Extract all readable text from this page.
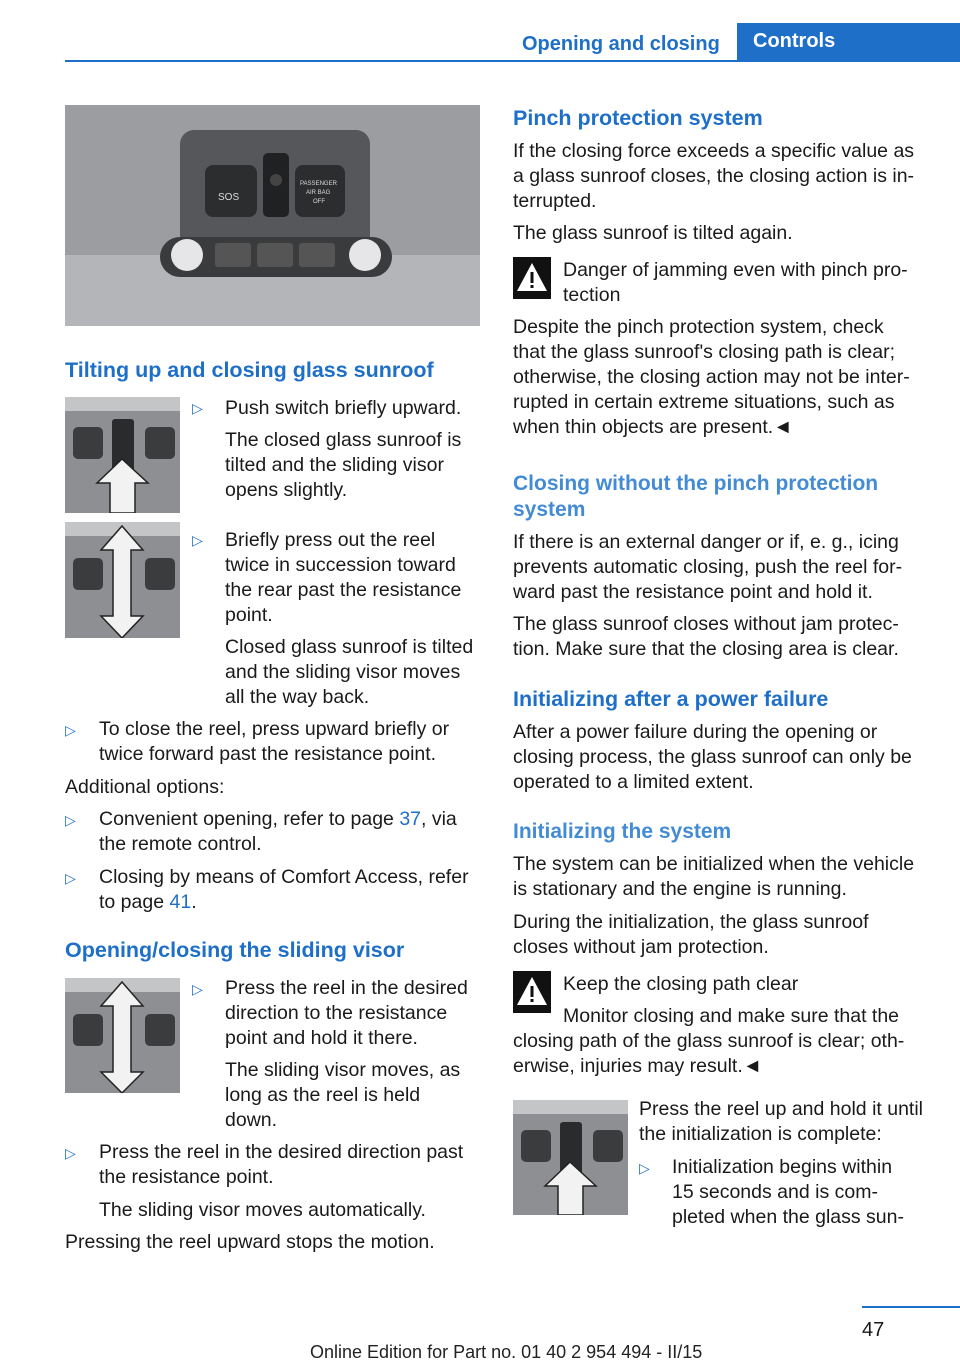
Opening and closing	Controls
SOS
PASSENGER
AIR BAG
OFF
Tilting up and closing glass sunroof
▷ Push switch briefly upward.

The closed glass sunroof is
tilted and the sliding visor
opens slightly.

▷ Briefly press out the reel
twice in succession toward
the rear past the resistance
point.

Closed glass sunroof is tilted
and the sliding visor moves
all the way back.

▷ To close the reel, press upward briefly or
twice forward past the resistance point.

Additional options:

▷ Convenient opening, refer to page 37, via
the remote control.

▷ Closing by means of Comfort Access, refer
to page 41.

Opening/closing the sliding visor
▷ Press the reel in the desired
direction to the resistance
point and hold it there.

The sliding visor moves, as
long as the reel is held
down.

▷ Press the reel in the desired direction past
the resistance point.

The sliding visor moves automatically.

Pressing the reel upward stops the motion.

Pinch protection system

If the closing force exceeds a specific value as
a glass sunroof closes, the closing action is in-
terrupted.

The glass sunroof is tilted again.

Danger of jamming even with pinch pro-
tection

Despite the pinch protection system, check
that the glass sunroof's closing path is clear;
otherwise, the closing action may not be inter-
rupted in certain extreme situations, such as
when thin objects are present.◄

Closing without the pinch protection
system

If there is an external danger or if, e. g., icing
prevents automatic closing, push the reel for-
ward past the resistance point and hold it.

The glass sunroof closes without jam protec-
tion. Make sure that the closing area is clear.

Initializing after a power failure

After a power failure during the opening or
closing process, the glass sunroof can only be
operated to a limited extent.

Initializing the system

The system can be initialized when the vehicle
is stationary and the engine is running.

During the initialization, the glass sunroof
closes without jam protection.

Keep the closing path clear

Monitor closing and make sure that the

closing path of the glass sunroof is clear; oth-
erwise, injuries may result.◄

Press the reel up and hold it until
the initialization is complete:

▷ Initialization begins within
15 seconds and is com-
pleted when the glass sun-

47
Online Edition for Part no. 01 40 2 954 494 - II/15
